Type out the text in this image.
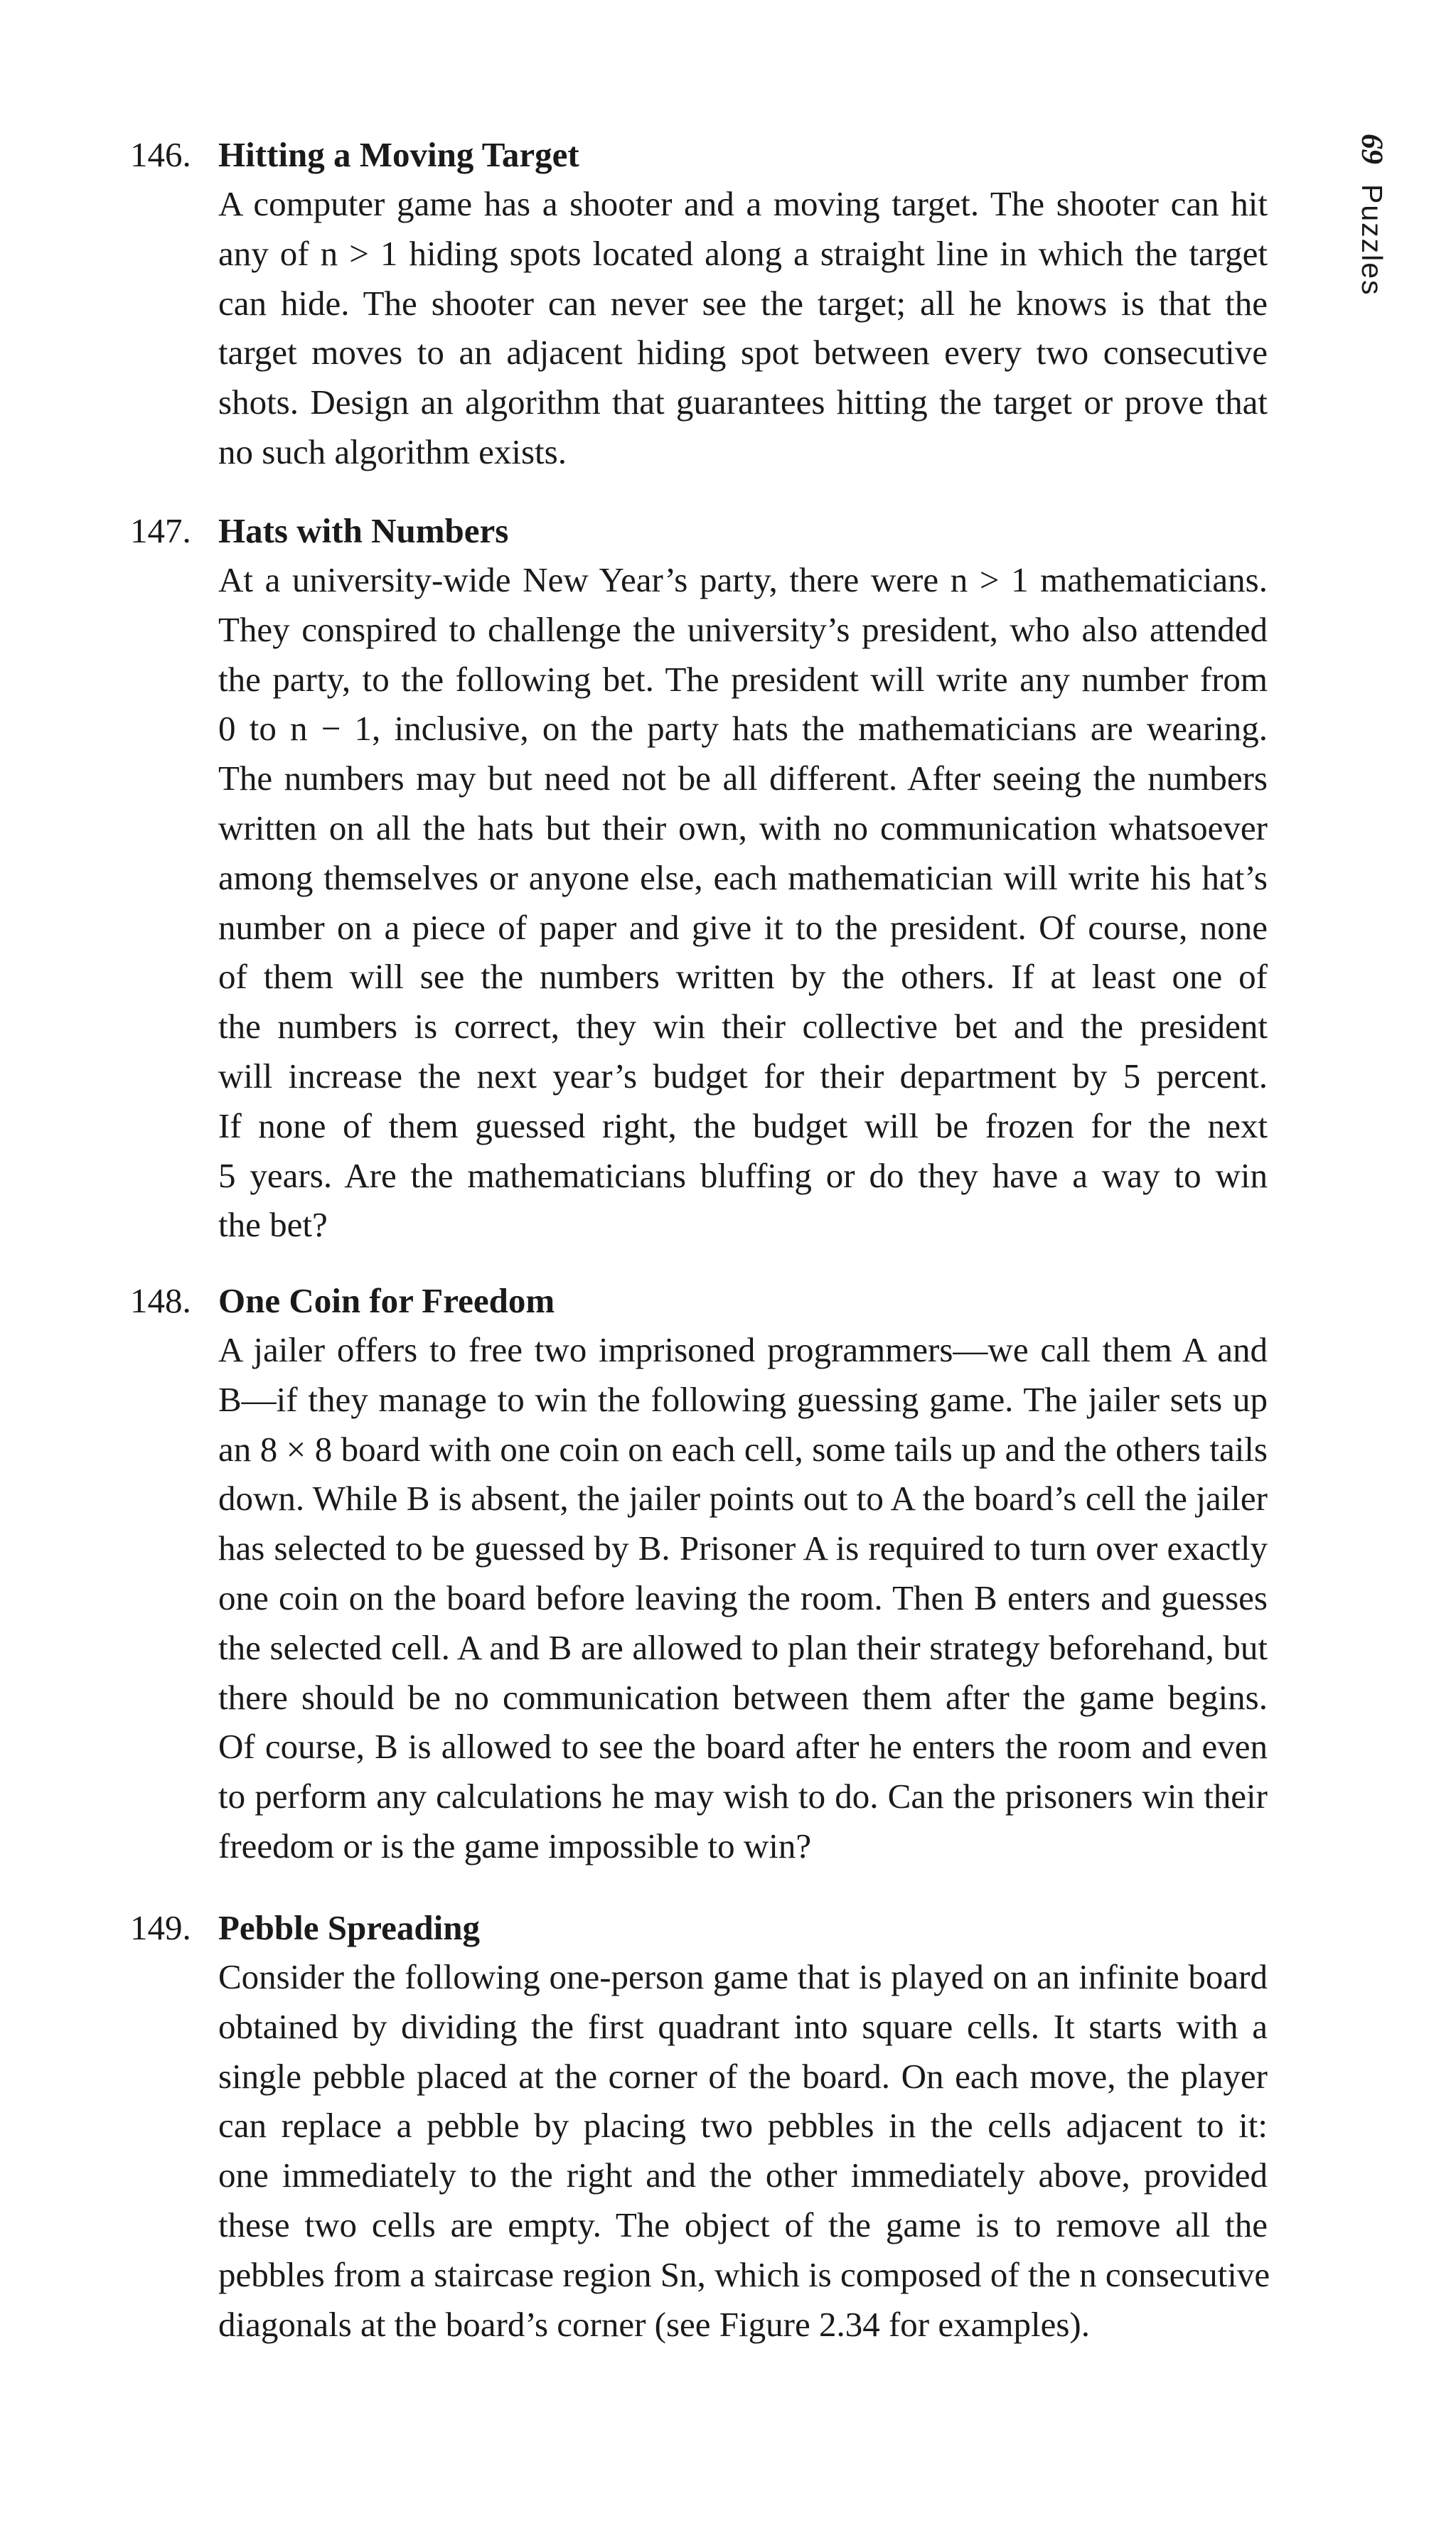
69Puzzles
146. Hitting a Moving Target
A computer game has a shooter and a moving target. The shooter can hit
any of n > 1 hiding spots located along a straight line in which the target
can hide. The shooter can never see the target; all he knows is that the
target moves to an adjacent hiding spot between every two consecutive
shots. Design an algorithm that guarantees hitting the target or prove that
no such algorithm exists.
147. Hats with Numbers
At a university-wide New Year’s party, there were n > 1 mathematicians.
They conspired to challenge the university’s president, who also attended
the party, to the following bet. The president will write any number from
0 to n − 1, inclusive, on the party hats the mathematicians are wearing.
The numbers may but need not be all different. After seeing the numbers
written on all the hats but their own, with no communication whatsoever
among themselves or anyone else, each mathematician will write his hat’s
number on a piece of paper and give it to the president. Of course, none
of them will see the numbers written by the others. If at least one of
the numbers is correct, they win their collective bet and the president
will increase the next year’s budget for their department by 5 percent.
If none of them guessed right, the budget will be frozen for the next
5 years. Are the mathematicians bluffing or do they have a way to win
the bet?
148. One Coin for Freedom
A jailer offers to free two imprisoned programmers—we call them A and
B—if they manage to win the following guessing game. The jailer sets up
an 8 × 8 board with one coin on each cell, some tails up and the others tails
down. While B is absent, the jailer points out to A the board’s cell the jailer
has selected to be guessed by B. Prisoner A is required to turn over exactly
one coin on the board before leaving the room. Then B enters and guesses
the selected cell. A and B are allowed to plan their strategy beforehand, but
there should be no communication between them after the game begins.
Of course, B is allowed to see the board after he enters the room and even
to perform any calculations he may wish to do. Can the prisoners win their
freedom or is the game impossible to win?
149. Pebble Spreading
Consider the following one-person game that is played on an infinite board
obtained by dividing the first quadrant into square cells. It starts with a
single pebble placed at the corner of the board. On each move, the player
can replace a pebble by placing two pebbles in the cells adjacent to it:
one immediately to the right and the other immediately above, provided
these two cells are empty. The object of the game is to remove all the
pebbles from a staircase region Sn, which is composed of the n consecutive
diagonals at the board’s corner (see Figure 2.34 for examples).
